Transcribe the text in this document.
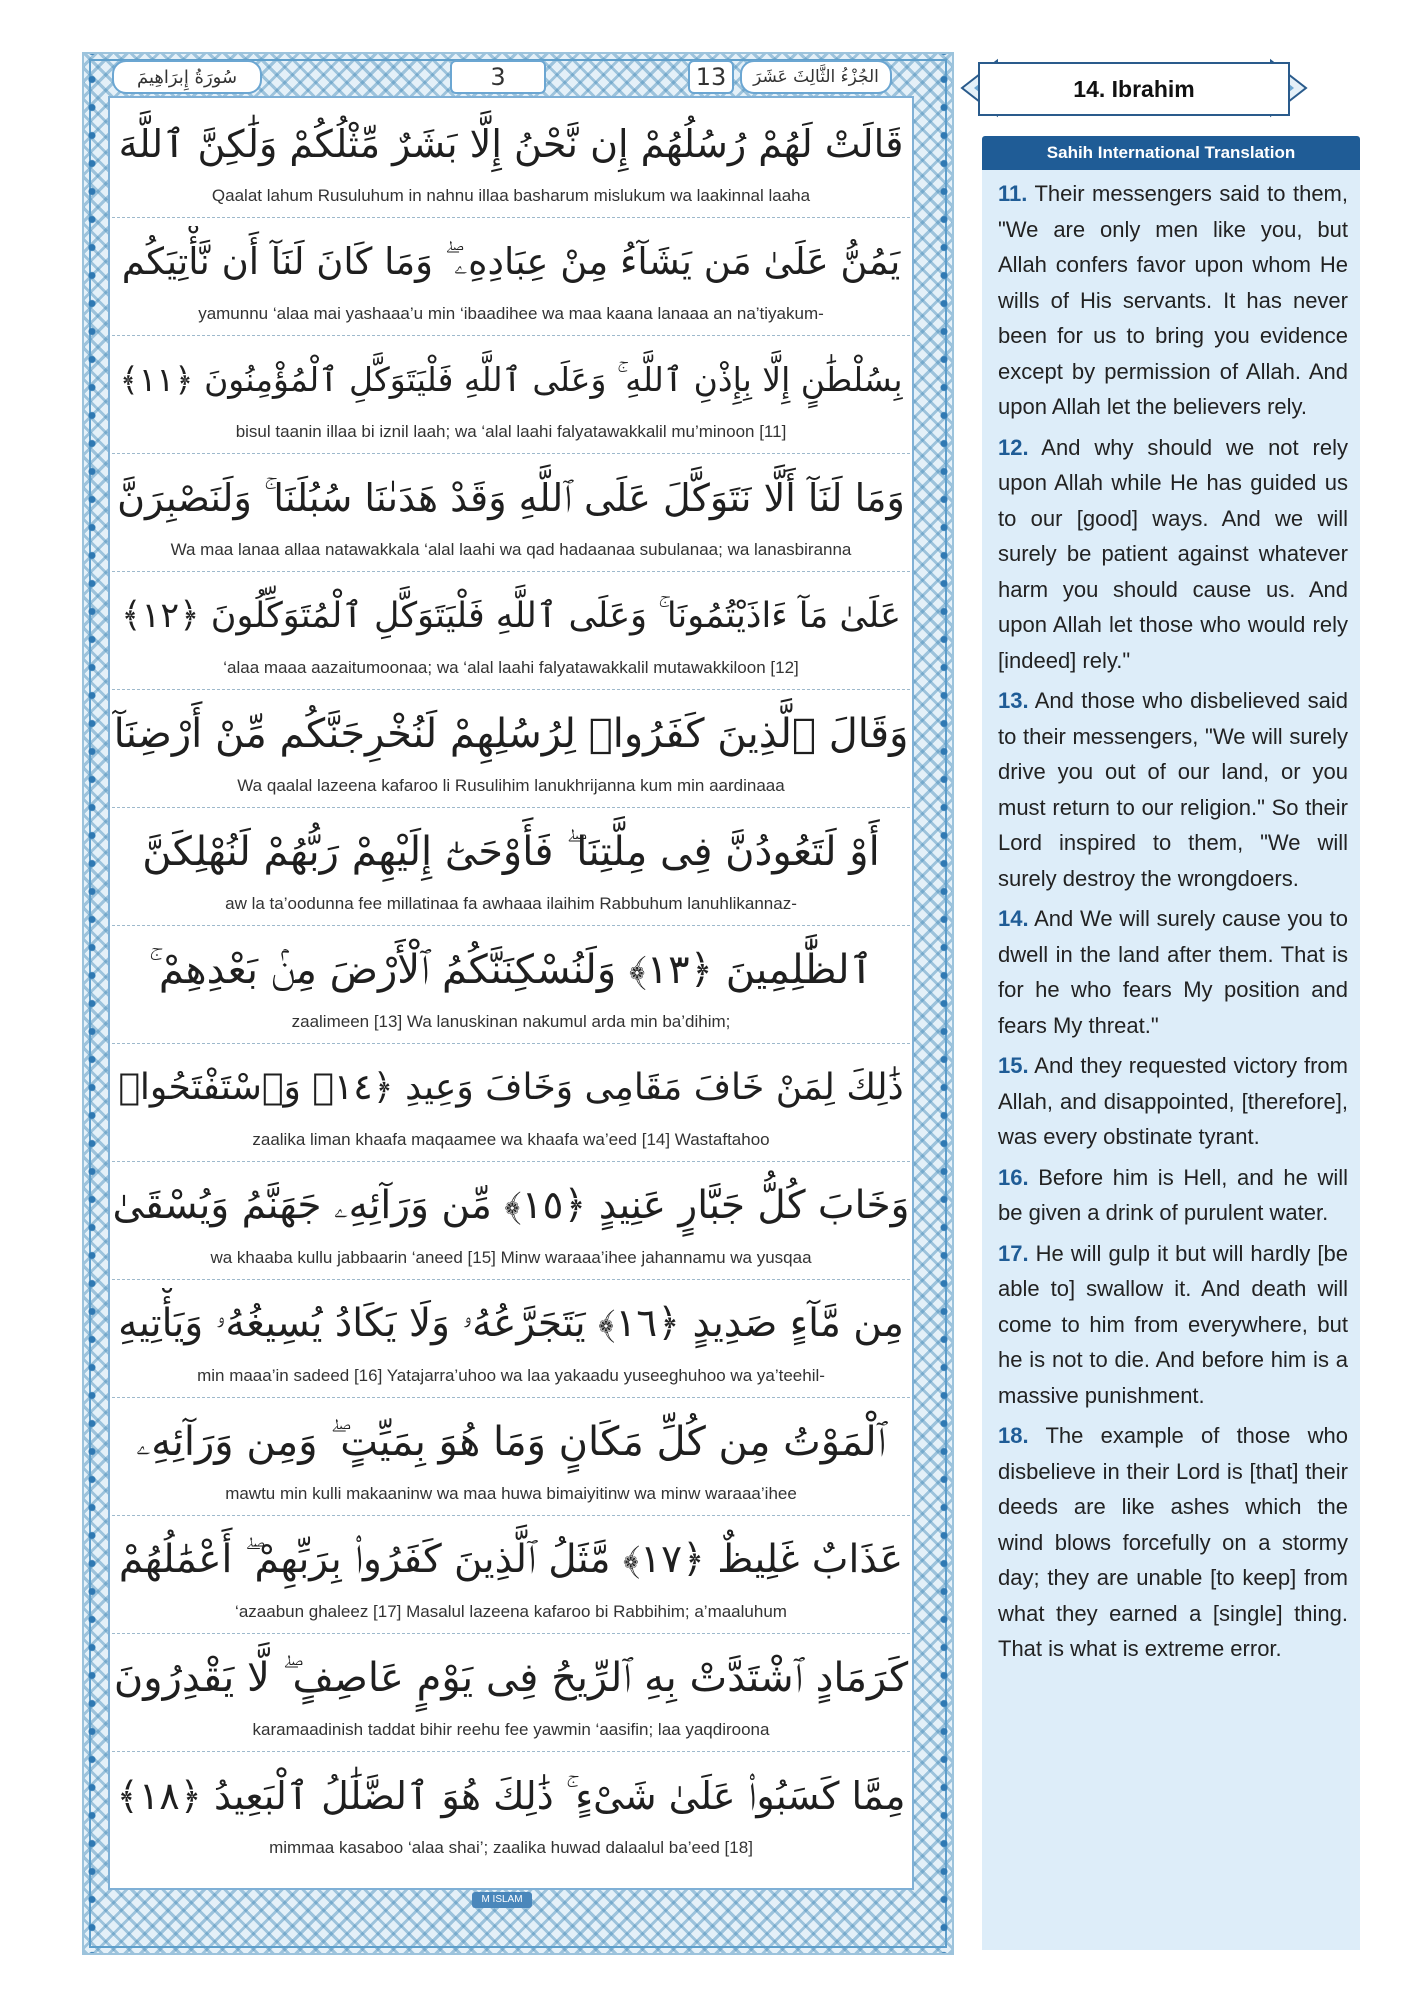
سُورَةُ إِبرَاهِيمَ	3	13	الجُزْءُ الثَّالِثَ عَشَرَ
قَالَتْ لَهُمْ رُسُلُهُمْ إِن نَّحْنُ إِلَّا بَشَرٌ مِّثْلُكُمْ وَلَٰكِنَّ ٱللَّهَ
Qaalat lahum Rusuluhum in nahnu illaa basharum mislukum wa laakinnal laaha
يَمُنُّ عَلَىٰ مَن يَشَآءُ مِنْ عِبَادِهِۦ ۖ وَمَا كَانَ لَنَآ أَن نَّأْتِيَكُم
yamunnu ‘alaa mai yashaaa’u min ‘ibaadihee wa maa kaana lanaaa an na’tiyakum-
بِسُلْطَٰنٍ إِلَّا بِإِذْنِ ٱللَّهِ ۚ وَعَلَى ٱللَّهِ فَلْيَتَوَكَّلِ ٱلْمُؤْمِنُونَ ﴿١١﴾
bisul taanin illaa bi iznil laah; wa ‘alal laahi falyatawakkalil mu’minoon [11]
وَمَا لَنَآ أَلَّا نَتَوَكَّلَ عَلَى ٱللَّهِ وَقَدْ هَدَىٰنَا سُبُلَنَا ۚ وَلَنَصْبِرَنَّ
Wa maa lanaa allaa natawakkala ‘alal laahi wa qad hadaanaa subulanaa; wa lanasbiranna
عَلَىٰ مَآ ءَاذَيْتُمُونَا ۚ وَعَلَى ٱللَّهِ فَلْيَتَوَكَّلِ ٱلْمُتَوَكِّلُونَ ﴿١٢﴾
‘alaa maaa aazaitumoonaa; wa ‘alal laahi falyatawakkalil mutawakkiloon [12]
وَقَالَ ٱلَّذِينَ كَفَرُوا۟ لِرُسُلِهِمْ لَنُخْرِجَنَّكُم مِّنْ أَرْضِنَآ
Wa qaalal lazeena kafaroo li Rusulihim lanukhrijanna kum min aardinaaa
أَوْ لَتَعُودُنَّ فِى مِلَّتِنَا ۖ فَأَوْحَىٰٓ إِلَيْهِمْ رَبُّهُمْ لَنُهْلِكَنَّ
aw la ta’oodunna fee millatinaa fa awhaaa ilaihim Rabbuhum lanuhlikannaz-
ٱلظَّٰلِمِينَ ﴿١٣﴾ وَلَنُسْكِنَنَّكُمُ ٱلْأَرْضَ مِنۢ بَعْدِهِمْ ۚ
zaalimeen [13] Wa lanuskinan nakumul arda min ba’dihim;
ذَٰلِكَ لِمَنْ خَافَ مَقَامِى وَخَافَ وَعِيدِ ﴿١٤﴾ وَٱسْتَفْتَحُوا۟
zaalika liman khaafa maqaamee wa khaafa wa’eed [14] Wastaftahoo
وَخَابَ كُلُّ جَبَّارٍ عَنِيدٍ ﴿١٥﴾ مِّن وَرَآئِهِۦ جَهَنَّمُ وَيُسْقَىٰ
wa khaaba kullu jabbaarin ‘aneed [15] Minw waraaa’ihee jahannamu wa yusqaa
مِن مَّآءٍ صَدِيدٍ ﴿١٦﴾ يَتَجَرَّعُهُۥ وَلَا يَكَادُ يُسِيغُهُۥ وَيَأْتِيهِ
min maaa’in sadeed [16] Yatajarra’uhoo wa laa yakaadu yuseeghuhoo wa ya’teehil-
ٱلْمَوْتُ مِن كُلِّ مَكَانٍ وَمَا هُوَ بِمَيِّتٍ ۖ وَمِن وَرَآئِهِۦ
mawtu min kulli makaaninw wa maa huwa bimaiyitinw wa minw waraaa’ihee
عَذَابٌ غَلِيظٌ ﴿١٧﴾ مَّثَلُ ٱلَّذِينَ كَفَرُوا۟ بِرَبِّهِمْ ۖ أَعْمَٰلُهُمْ
‘azaabun ghaleez [17] Masalul lazeena kafaroo bi Rabbihim; a’maaluhum
كَرَمَادٍ ٱشْتَدَّتْ بِهِ ٱلرِّيحُ فِى يَوْمٍ عَاصِفٍ ۖ لَّا يَقْدِرُونَ
karamaadinish taddat bihir reehu fee yawmin ‘aasifin; laa yaqdiroona
مِمَّا كَسَبُوا۟ عَلَىٰ شَىْءٍ ۚ ذَٰلِكَ هُوَ ٱلضَّلَٰلُ ٱلْبَعِيدُ ﴿١٨﴾
mimmaa kasaboo ‘alaa shai’; zaalika huwad dalaalul ba’eed [18]
M ISLAM
14. Ibrahim
Sahih International Translation

11. Their messengers said to them, "We are only men like you, but Allah confers favor upon whom He wills of His servants. It has never been for us to bring you evidence except by permission of Allah. And upon Allah let the believers rely.

12. And why should we not rely upon Allah while He has guided us to our [good] ways. And we will surely be patient against whatever harm you should cause us. And upon Allah let those who would rely [indeed] rely."

13. And those who disbelieved said to their messengers, "We will surely drive you out of our land, or you must return to our religion." So their Lord inspired to them, "We will surely destroy the wrongdoers.

14. And We will surely cause you to dwell in the land after them. That is for he who fears My position and fears My threat."

15. And they requested victory from Allah, and disappointed, [therefore], was every obstinate tyrant.

16. Before him is Hell, and he will be given a drink of purulent water.

17. He will gulp it but will hardly [be able to] swallow it. And death will come to him from everywhere, but he is not to die. And before him is a massive punishment.

18. The example of those who disbelieve in their Lord is [that] their deeds are like ashes which the wind blows forcefully on a stormy day; they are unable [to keep] from what they earned a [single] thing. That is what is extreme error.
